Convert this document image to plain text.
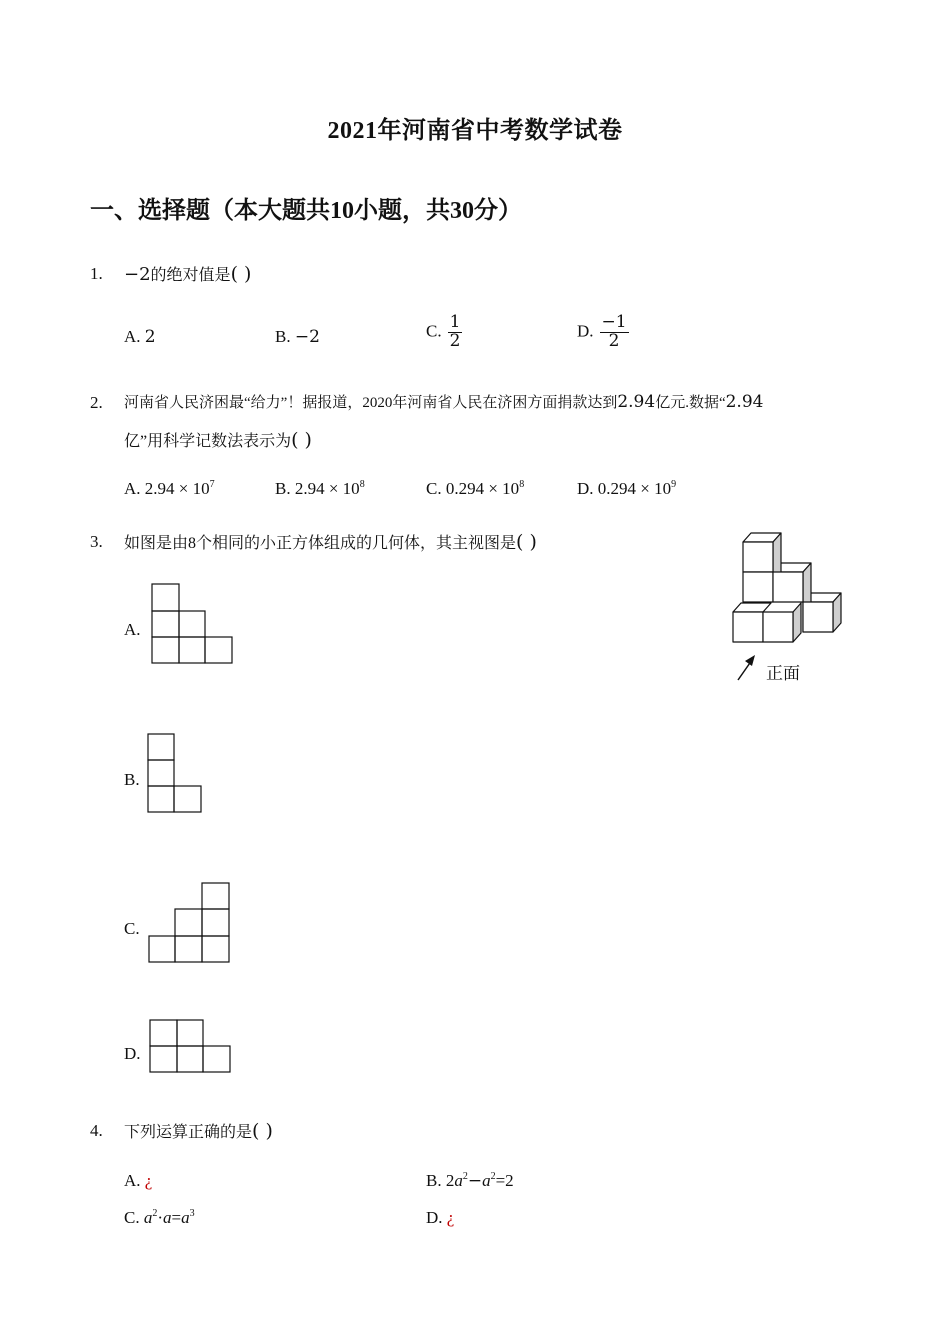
2021年河南省中考数学试卷
一、选择题（本大题共10小题，共30分）
1. −2的绝对值是( )
A. 2	B. −2	C. $\frac{1}{2}$	D. $\frac{-1}{2}$
2. 河南省人民济困最“给力”！据报道，2020年河南省人民在济困方面捐款达到2.94亿元.数据“2.94
亿”用科学记数法表示为( )
A. $2.94 \times 10^7$	B. $2.94 \times 10^8$	C. $0.294 \times 10^8$	D. $0.294 \times 10^9$
3. 如图是由8个相同的小正方体组成的几何体，其主视图是( )
正面
A.
B.
C.
D.
4. 下列运算正确的是( )
A. ¿	B. $2a^2-a^2=2$
C. $a^2\cdot a=a^3$	D. ¿
